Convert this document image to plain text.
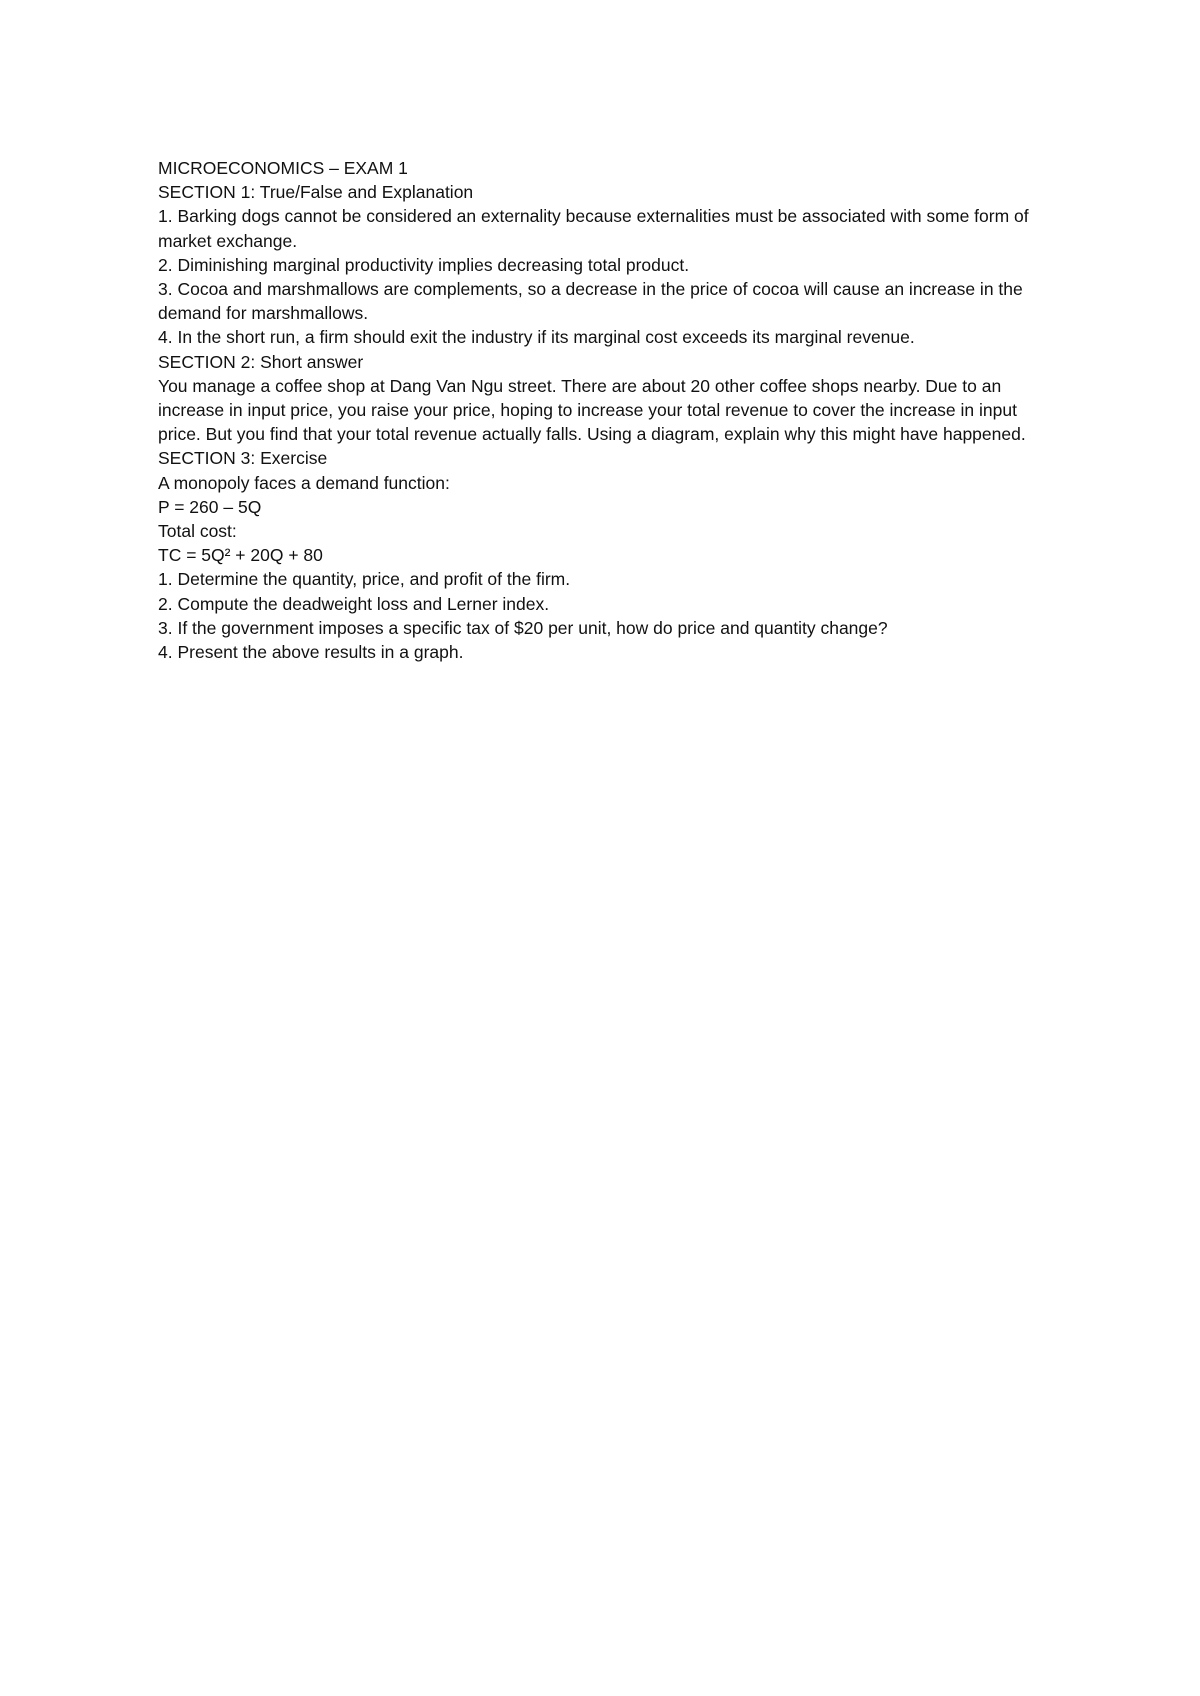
MICROECONOMICS – EXAM 1

SECTION 1: True/False and Explanation

1. Barking dogs cannot be considered an externality because externalities must be associated with some form of market exchange.

2. Diminishing marginal productivity implies decreasing total product.

3. Cocoa and marshmallows are complements, so a decrease in the price of cocoa will cause an increase in the demand for marshmallows.

4. In the short run, a firm should exit the industry if its marginal cost exceeds its marginal revenue.

SECTION 2: Short answer

You manage a coffee shop at Dang Van Ngu street. There are about 20 other coffee shops nearby. Due to an increase in input price, you raise your price, hoping to increase your total revenue to cover the increase in input price. But you find that your total revenue actually falls. Using a diagram, explain why this might have happened.

SECTION 3: Exercise

A monopoly faces a demand function:

P = 260 – 5Q

Total cost:

TC = 5Q² + 20Q + 80

1. Determine the quantity, price, and profit of the firm.

2. Compute the deadweight loss and Lerner index.

3. If the government imposes a specific tax of $20 per unit, how do price and quantity change?

4. Present the above results in a graph.
